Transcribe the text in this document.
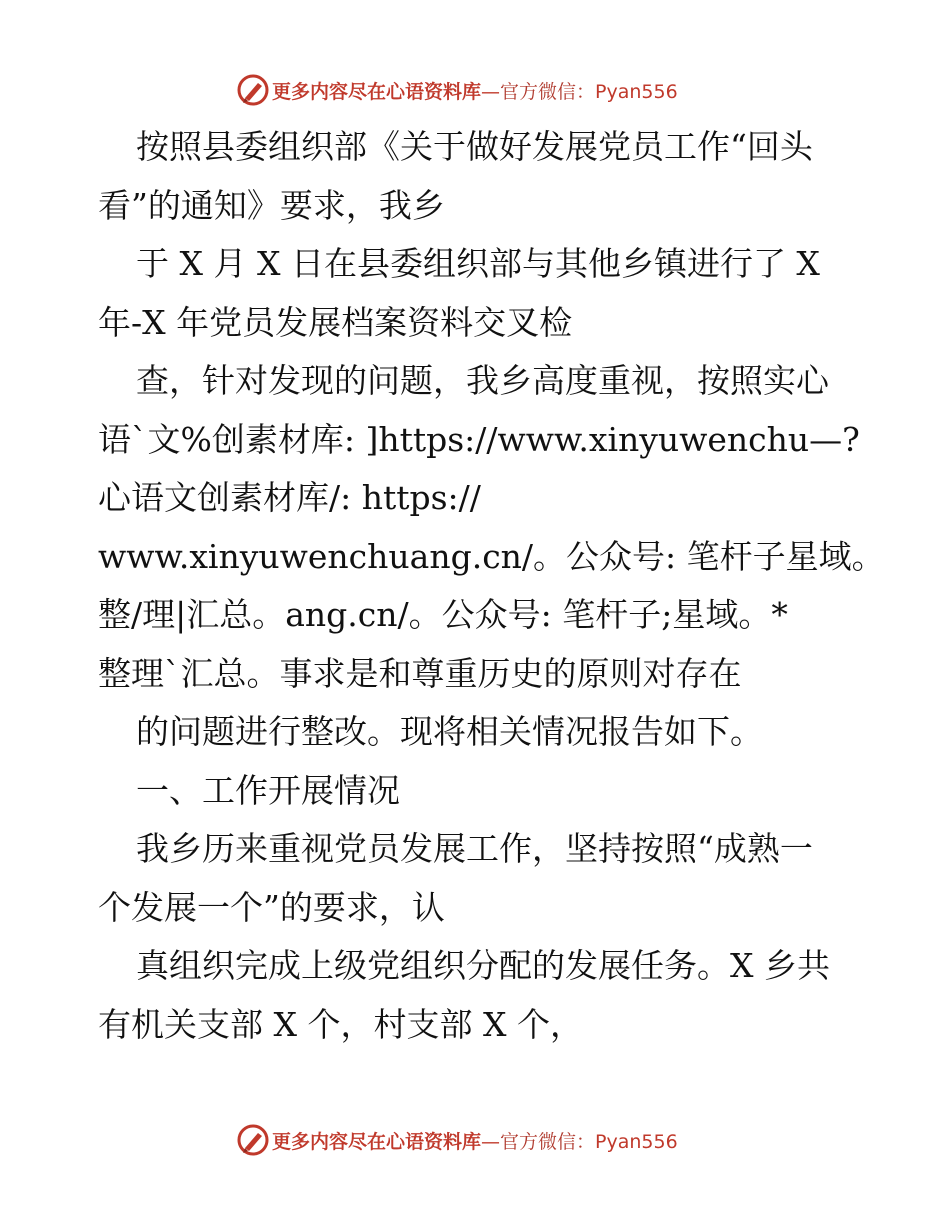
更多内容尽在心语资料库—官方微信：Pyan556
按照县委组织部《关于做好发展党员工作“回头
看”的通知》要求，我乡
于 X 月 X 日在县委组织部与其他乡镇进行了 X
年-X 年党员发展档案资料交叉检
查，针对发现的问题，我乡高度重视，按照实心
语`文%创素材库: ]https://www.xinyuwenchu—?
心语文创素材库/: https://
www.xinyuwenchuang.cn/。公众号: 笔杆子星域。
整/理|汇总。ang.cn/。公众号: 笔杆子;星域。*
整理`汇总。事求是和尊重历史的原则对存在
的问题进行整改。现将相关情况报告如下。
一、工作开展情况
我乡历来重视党员发展工作，坚持按照“成熟一
个发展一个”的要求，认
真组织完成上级党组织分配的发展任务。X 乡共
有机关支部 X 个，村支部 X 个，
更多内容尽在心语资料库—官方微信：Pyan556
